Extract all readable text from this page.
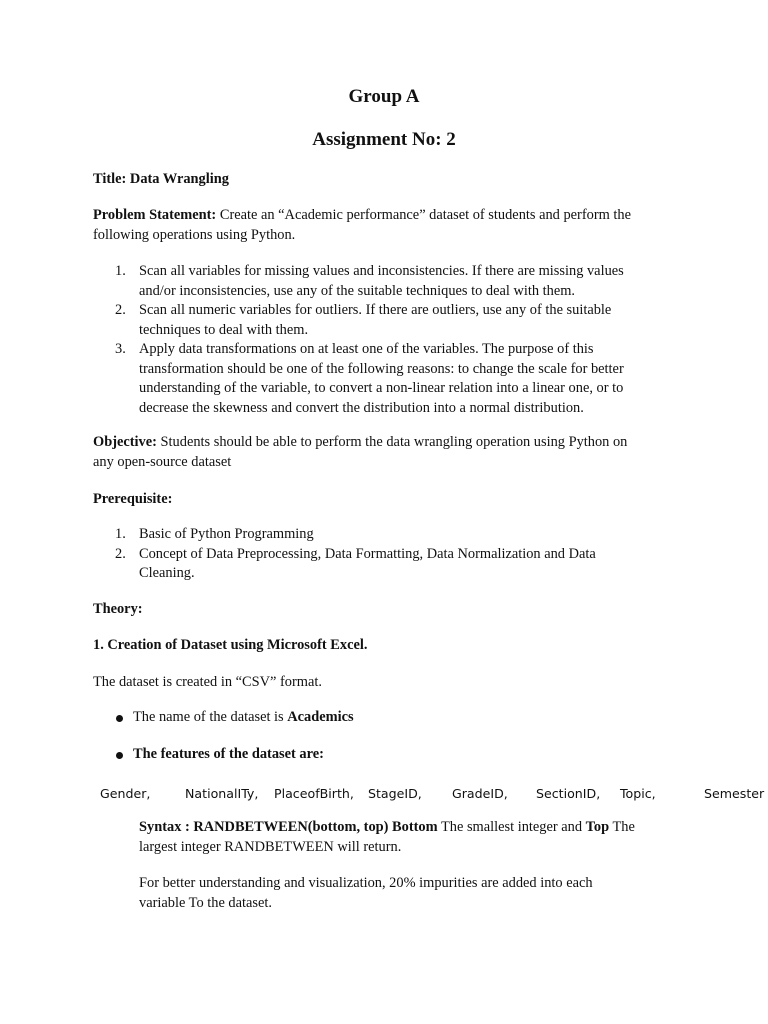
Group A
Assignment No: 2
Title: Data Wrangling
Problem Statement: Create an “Academic performance” dataset of students and perform the
following operations using Python.
1. Scan all variables for missing values and inconsistencies. If there are missing values
and/or inconsistencies, use any of the suitable techniques to deal with them.
2. Scan all numeric variables for outliers. If there are outliers, use any of the suitable
techniques to deal with them.
3. Apply data transformations on at least one of the variables. The purpose of this
transformation should be one of the following reasons: to change the scale for better
understanding of the variable, to convert a non-linear relation into a linear one, or to
decrease the skewness and convert the distribution into a normal distribution.
Objective: Students should be able to perform the data wrangling operation using Python on
any open-source dataset
Prerequisite:
1. Basic of Python Programming
2. Concept of Data Preprocessing, Data Formatting, Data Normalization and Data
Cleaning.
Theory:
1. Creation of Dataset using Microsoft Excel.
The dataset is created in “CSV” format.
The name of the dataset is Academics
The features of the dataset are:
Gender,	NationalITy, PlaceofBirth, StageID, GradeID, SectionID, Topic,	Semester
Syntax : RANDBETWEEN(bottom, top) Bottom The smallest integer and Top The
largest integer RANDBETWEEN will return.
For better understanding and visualization, 20% impurities are added into each
variable To the dataset.
